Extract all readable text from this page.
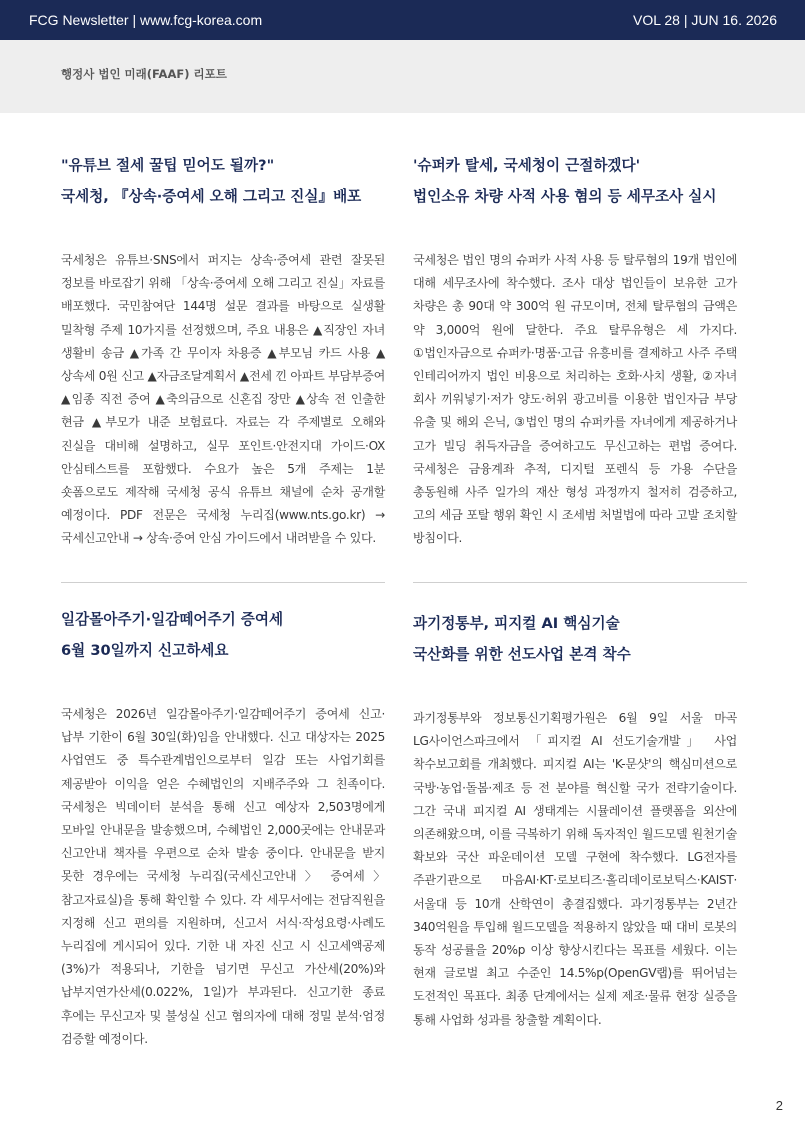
FCG Newsletter | www.fcg-korea.com	VOL 28 | JUN 16. 2026
행정사 법인 미래(FAAF) 리포트
"유튜브 절세 꿀팁 믿어도 될까?"
국세청, 『상속·증여세 오해 그리고 진실』배포

국세청은 유튜브·SNS에서 퍼지는 상속·증여세 관련 잘못된 정보를 바로잡기 위해 「상속·증여세 오해 그리고 진실」자료를 배포했다. 국민참여단 144명 설문 결과를 바탕으로 실생활 밀착형 주제 10가지를 선정했으며, 주요 내용은 ▲직장인 자녀 생활비 송금 ▲가족 간 무이자 차용증 ▲부모님 카드 사용 ▲상속세 0원 신고 ▲자금조달계획서 ▲전세 낀 아파트 부담부증여 ▲임종 직전 증여 ▲축의금으로 신혼집 장만 ▲상속 전 인출한 현금 ▲부모가 내준 보험료다. 자료는 각 주제별로 오해와 진실을 대비해 설명하고, 실무 포인트·안전지대 가이드·OX 안심테스트를 포함했다. 수요가 높은 5개 주제는 1분 숏폼으로도 제작해 국세청 공식 유튜브 채널에 순차 공개할 예정이다. PDF 전문은 국세청 누리집(www.nts.go.kr) → 국세신고안내 → 상속·증여 안심 가이드에서 내려받을 수 있다.

'슈퍼카 탈세, 국세청이 근절하겠다'
법인소유 차량 사적 사용 혐의 등 세무조사 실시

국세청은 법인 명의 슈퍼카 사적 사용 등 탈루혐의 19개 법인에 대해 세무조사에 착수했다. 조사 대상 법인들이 보유한 고가 차량은 총 90대 약 300억 원 규모이며, 전체 탈루혐의 금액은 약 3,000억 원에 달한다. 주요 탈루유형은 세 가지다. ①법인자금으로 슈퍼카·명품·고급 유흥비를 결제하고 사주 주택 인테리어까지 법인 비용으로 처리하는 호화·사치 생활, ②자녀 회사 끼워넣기·저가 양도·허위 광고비를 이용한 법인자금 부당 유출 및 해외 은닉, ③법인 명의 슈퍼카를 자녀에게 제공하거나 고가 빌딩 취득자금을 증여하고도 무신고하는 편법 증여다.국세청은 금융계좌 추적, 디지털 포렌식 등 가용 수단을 총동원해 사주 일가의 재산 형성 과정까지 철저히 검증하고, 고의 세금 포탈 행위 확인 시 조세범 처벌법에 따라 고발 조치할 방침이다.

일감몰아주기·일감떼어주기 증여세
6월 30일까지 신고하세요

국세청은 2026년 일감몰아주기·일감떼어주기 증여세 신고·납부 기한이 6월 30일(화)임을 안내했다. 신고 대상자는 2025 사업연도 중 특수관계법인으로부터 일감 또는 사업기회를 제공받아 이익을 얻은 수혜법인의 지배주주와 그 친족이다. 국세청은 빅데이터 분석을 통해 신고 예상자 2,503명에게 모바일 안내문을 발송했으며, 수혜법인 2,000곳에는 안내문과 신고안내 책자를 우편으로 순차 발송 중이다. 안내문을 받지 못한 경우에는 국세청 누리집(국세신고안내 〉 증여세 〉 참고자료실)을 통해 확인할 수 있다. 각 세무서에는 전담직원을 지정해 신고 편의를 지원하며, 신고서 서식·작성요령·사례도 누리집에 게시되어 있다. 기한 내 자진 신고 시 신고세액공제(3%)가 적용되나, 기한을 넘기면 무신고 가산세(20%)와 납부지연가산세(0.022%, 1일)가 부과된다. 신고기한 종료 후에는 무신고자 및 불성실 신고 혐의자에 대해 정밀 분석·엄정 검증할 예정이다.

과기정통부, 피지컬 AI 핵심기술
국산화를 위한 선도사업 본격 착수

과기정통부와 정보통신기획평가원은 6월 9일 서울 마곡 LG사이언스파크에서 「피지컬 AI 선도기술개발」 사업 착수보고회를 개최했다. 피지컬 AI는 'K-문샷'의 핵심미션으로 국방·농업·돌봄·제조 등 전 분야를 혁신할 국가 전략기술이다. 그간 국내 피지컬 AI 생태계는 시뮬레이션 플랫폼을 외산에 의존해왔으며, 이를 극복하기 위해 독자적인 월드모델 원천기술 확보와 국산 파운데이션 모델 구현에 착수했다. LG전자를 주관기관으로 마음AI·KT·로보티즈·홀리데이로보틱스·KAIST·서울대 등 10개 산학연이 총결집했다. 과기정통부는 2년간 340억원을 투입해 월드모델을 적용하지 않았을 때 대비 로봇의 동작 성공률을 20%p 이상 향상시킨다는 목표를 세웠다. 이는 현재 글로벌 최고 수준인 14.5%p(OpenGV랩)를 뛰어넘는 도전적인 목표다. 최종 단계에서는 실제 제조·물류 현장 실증을 통해 사업화 성과를 창출할 계획이다.

2
